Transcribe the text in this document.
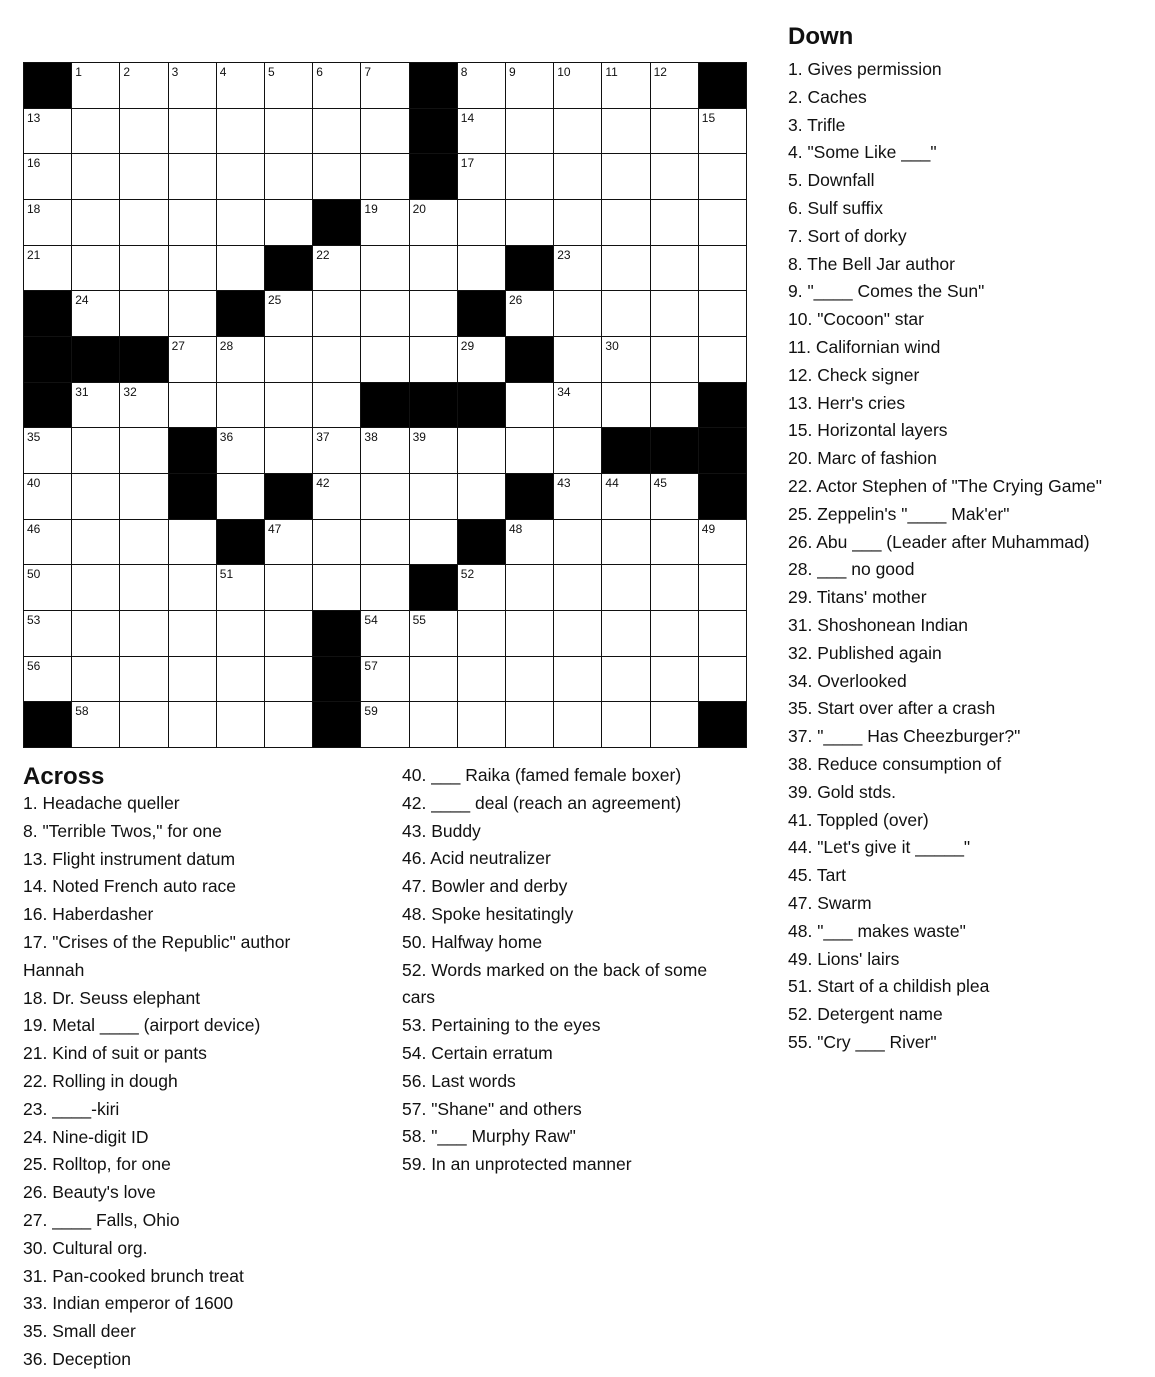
1	2	3	4	5	6	7	8	9	10	11	12
13	14	15
16	17
18	19	20
21	22	23
24	25	26
27	28	29	30
31	32	34
35	36	37	38	39
40	42	43	44	45
46	47	48	49
50	51	52
53	54	55
56	57
58	59
Down
1. Gives permission
2. Caches
3. Trifle
4. "Some Like ___"
5. Downfall
6. Sulf suffix
7. Sort of dorky
8. The Bell Jar author
9. "____ Comes the Sun"
10. "Cocoon" star
11. Californian wind
12. Check signer
13. Herr's cries
15. Horizontal layers
20. Marc of fashion
22. Actor Stephen of "The Crying Game"
25. Zeppelin's "____ Mak'er"
26. Abu ___ (Leader after Muhammad)
28. ___ no good
29. Titans' mother
31. Shoshonean Indian
32. Published again
34. Overlooked
35. Start over after a crash
37. "____ Has Cheezburger?"
38. Reduce consumption of
39. Gold stds.
41. Toppled (over)
44. "Let's give it _____"
45. Tart
47. Swarm
48. "___ makes waste"
49. Lions' lairs
51. Start of a childish plea
52. Detergent name
55. "Cry ___ River"
Across
1. Headache queller
8. "Terrible Twos," for one
13. Flight instrument datum
14. Noted French auto race
16. Haberdasher
17. "Crises of the Republic" author
Hannah
18. Dr. Seuss elephant
19. Metal ____ (airport device)
21. Kind of suit or pants
22. Rolling in dough
23. ____-kiri
24. Nine-digit ID
25. Rolltop, for one
26. Beauty's love
27. ____ Falls, Ohio
30. Cultural org.
31. Pan-cooked brunch treat
33. Indian emperor of 1600
35. Small deer
36. Deception
40. ___ Raika (famed female boxer)
42. ____ deal (reach an agreement)
43. Buddy
46. Acid neutralizer
47. Bowler and derby
48. Spoke hesitatingly
50. Halfway home
52. Words marked on the back of some
cars
53. Pertaining to the eyes
54. Certain erratum
56. Last words
57. "Shane" and others
58. "___ Murphy Raw"
59. In an unprotected manner
